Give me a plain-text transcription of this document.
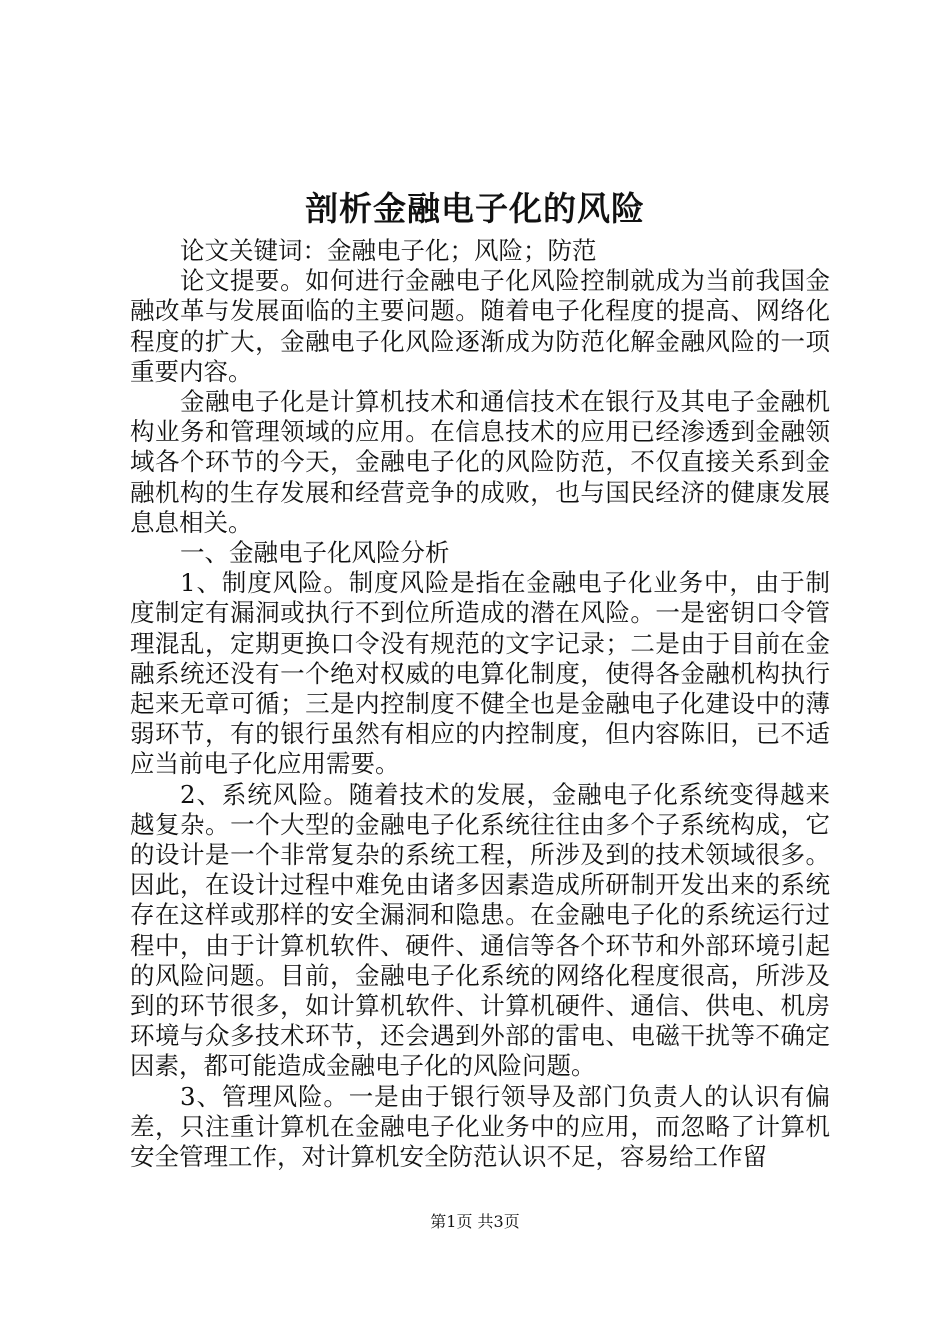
剖析金融电子化的风险

论文关键词：金融电子化；风险；防范

论文提要。如何进行金融电子化风险控制就成为当前我国金融改革与发展面临的主要问题。随着电子化程度的提高、网络化程度的扩大，金融电子化风险逐渐成为防范化解金融风险的一项重要内容。

金融电子化是计算机技术和通信技术在银行及其电子金融机构业务和管理领域的应用。在信息技术的应用已经渗透到金融领域各个环节的今天，金融电子化的风险防范，不仅直接关系到金融机构的生存发展和经营竞争的成败，也与国民经济的健康发展息息相关。

一、金融电子化风险分析

1、制度风险。制度风险是指在金融电子化业务中，由于制度制定有漏洞或执行不到位所造成的潜在风险。一是密钥口令管理混乱，定期更换口令没有规范的文字记录；二是由于目前在金融系统还没有一个绝对权威的电算化制度，使得各金融机构执行起来无章可循；三是内控制度不健全也是金融电子化建设中的薄弱环节，有的银行虽然有相应的内控制度，但内容陈旧，已不适应当前电子化应用需要。

2、系统风险。随着技术的发展，金融电子化系统变得越来越复杂。一个大型的金融电子化系统往往由多个子系统构成，它的设计是一个非常复杂的系统工程，所涉及到的技术领域很多。因此，在设计过程中难免由诸多因素造成所研制开发出来的系统存在这样或那样的安全漏洞和隐患。在金融电子化的系统运行过程中，由于计算机软件、硬件、通信等各个环节和外部环境引起的风险问题。目前，金融电子化系统的网络化程度很高，所涉及到的环节很多，如计算机软件、计算机硬件、通信、供电、机房环境与众多技术环节，还会遇到外部的雷电、电磁干扰等不确定因素，都可能造成金融电子化的风险问题。

3、管理风险。一是由于银行领导及部门负责人的认识有偏差，只注重计算机在金融电子化业务中的应用，而忽略了计算机安全管理工作，对计算机安全防范认识不足，容易给工作留

第1页 共3页
